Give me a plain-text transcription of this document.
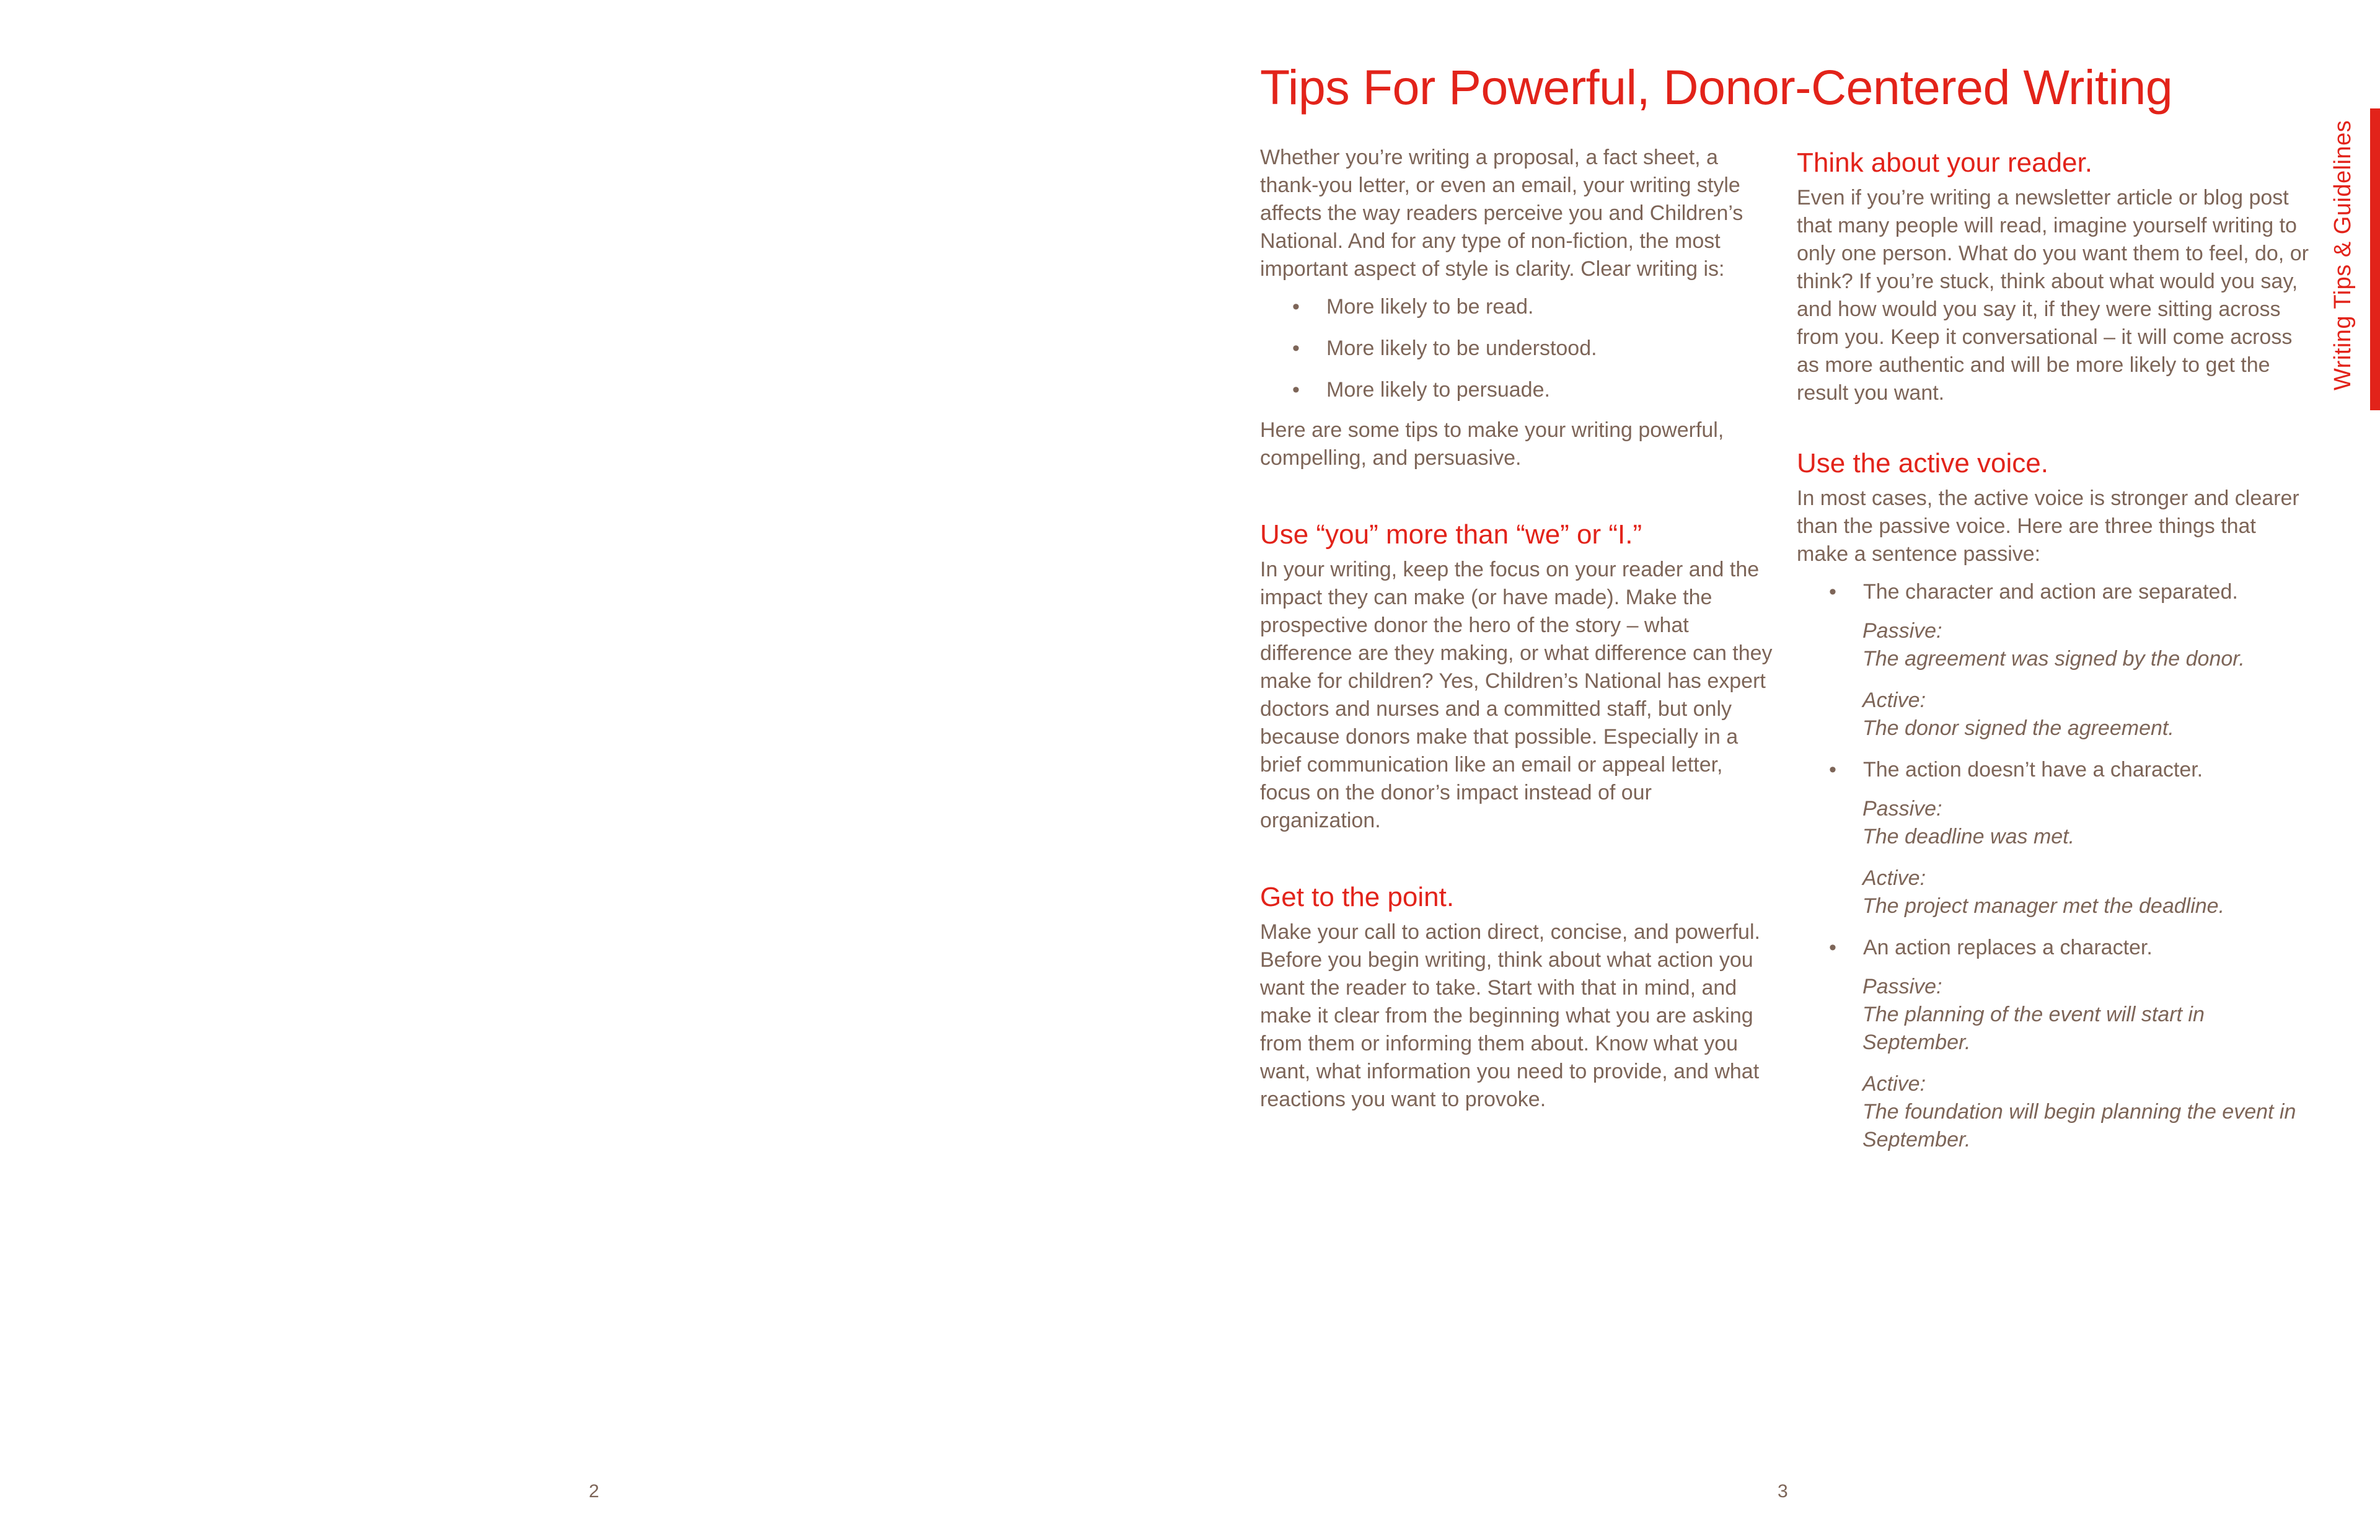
2	3
Tips For Powerful, Donor-Centered Writing
Writing Tips & Guidelines

Whether you’re writing a proposal, a fact sheet, a thank-you letter, or even an email, your writing style affects the way readers perceive you and Children’s National. And for any type of non-fiction, the most important aspect of style is clarity. Clear writing is:

• More likely to be read.
• More likely to be understood.
• More likely to persuade.

Here are some tips to make your writing powerful, compelling, and persuasive.

Use “you” more than “we” or “I.”

In your writing, keep the focus on your reader and the impact they can make (or have made). Make the prospective donor the hero of the story – what difference are they making, or what difference can they make for children? Yes, Children’s National has expert doctors and nurses and a committed staff, but only because donors make that possible. Especially in a brief communication like an email or appeal letter, focus on the donor’s impact instead of our organization.

Get to the point.

Make your call to action direct, concise, and powerful. Before you begin writing, think about what action you want the reader to take. Start with that in mind, and make it clear from the beginning what you are asking from them or informing them about. Know what you want, what information you need to provide, and what reactions you want to provoke.

Think about your reader.

Even if you’re writing a newsletter article or blog post that many people will read, imagine yourself writing to only one person. What do you want them to feel, do, or think? If you’re stuck, think about what would you say, and how would you say it, if they were sitting across from you. Keep it conversational – it will come across as more authentic and will be more likely to get the result you want.

Use the active voice.

In most cases, the active voice is stronger and clearer than the passive voice. Here are three things that make a sentence passive:

• The character and action are separated.
Passive:
The agreement was signed by the donor.
Active:
The donor signed the agreement.
• The action doesn’t have a character.
Passive:
The deadline was met.
Active:
The project manager met the deadline.
• An action replaces a character.
Passive:
The planning of the event will start in September.
Active:
The foundation will begin planning the event in September.
